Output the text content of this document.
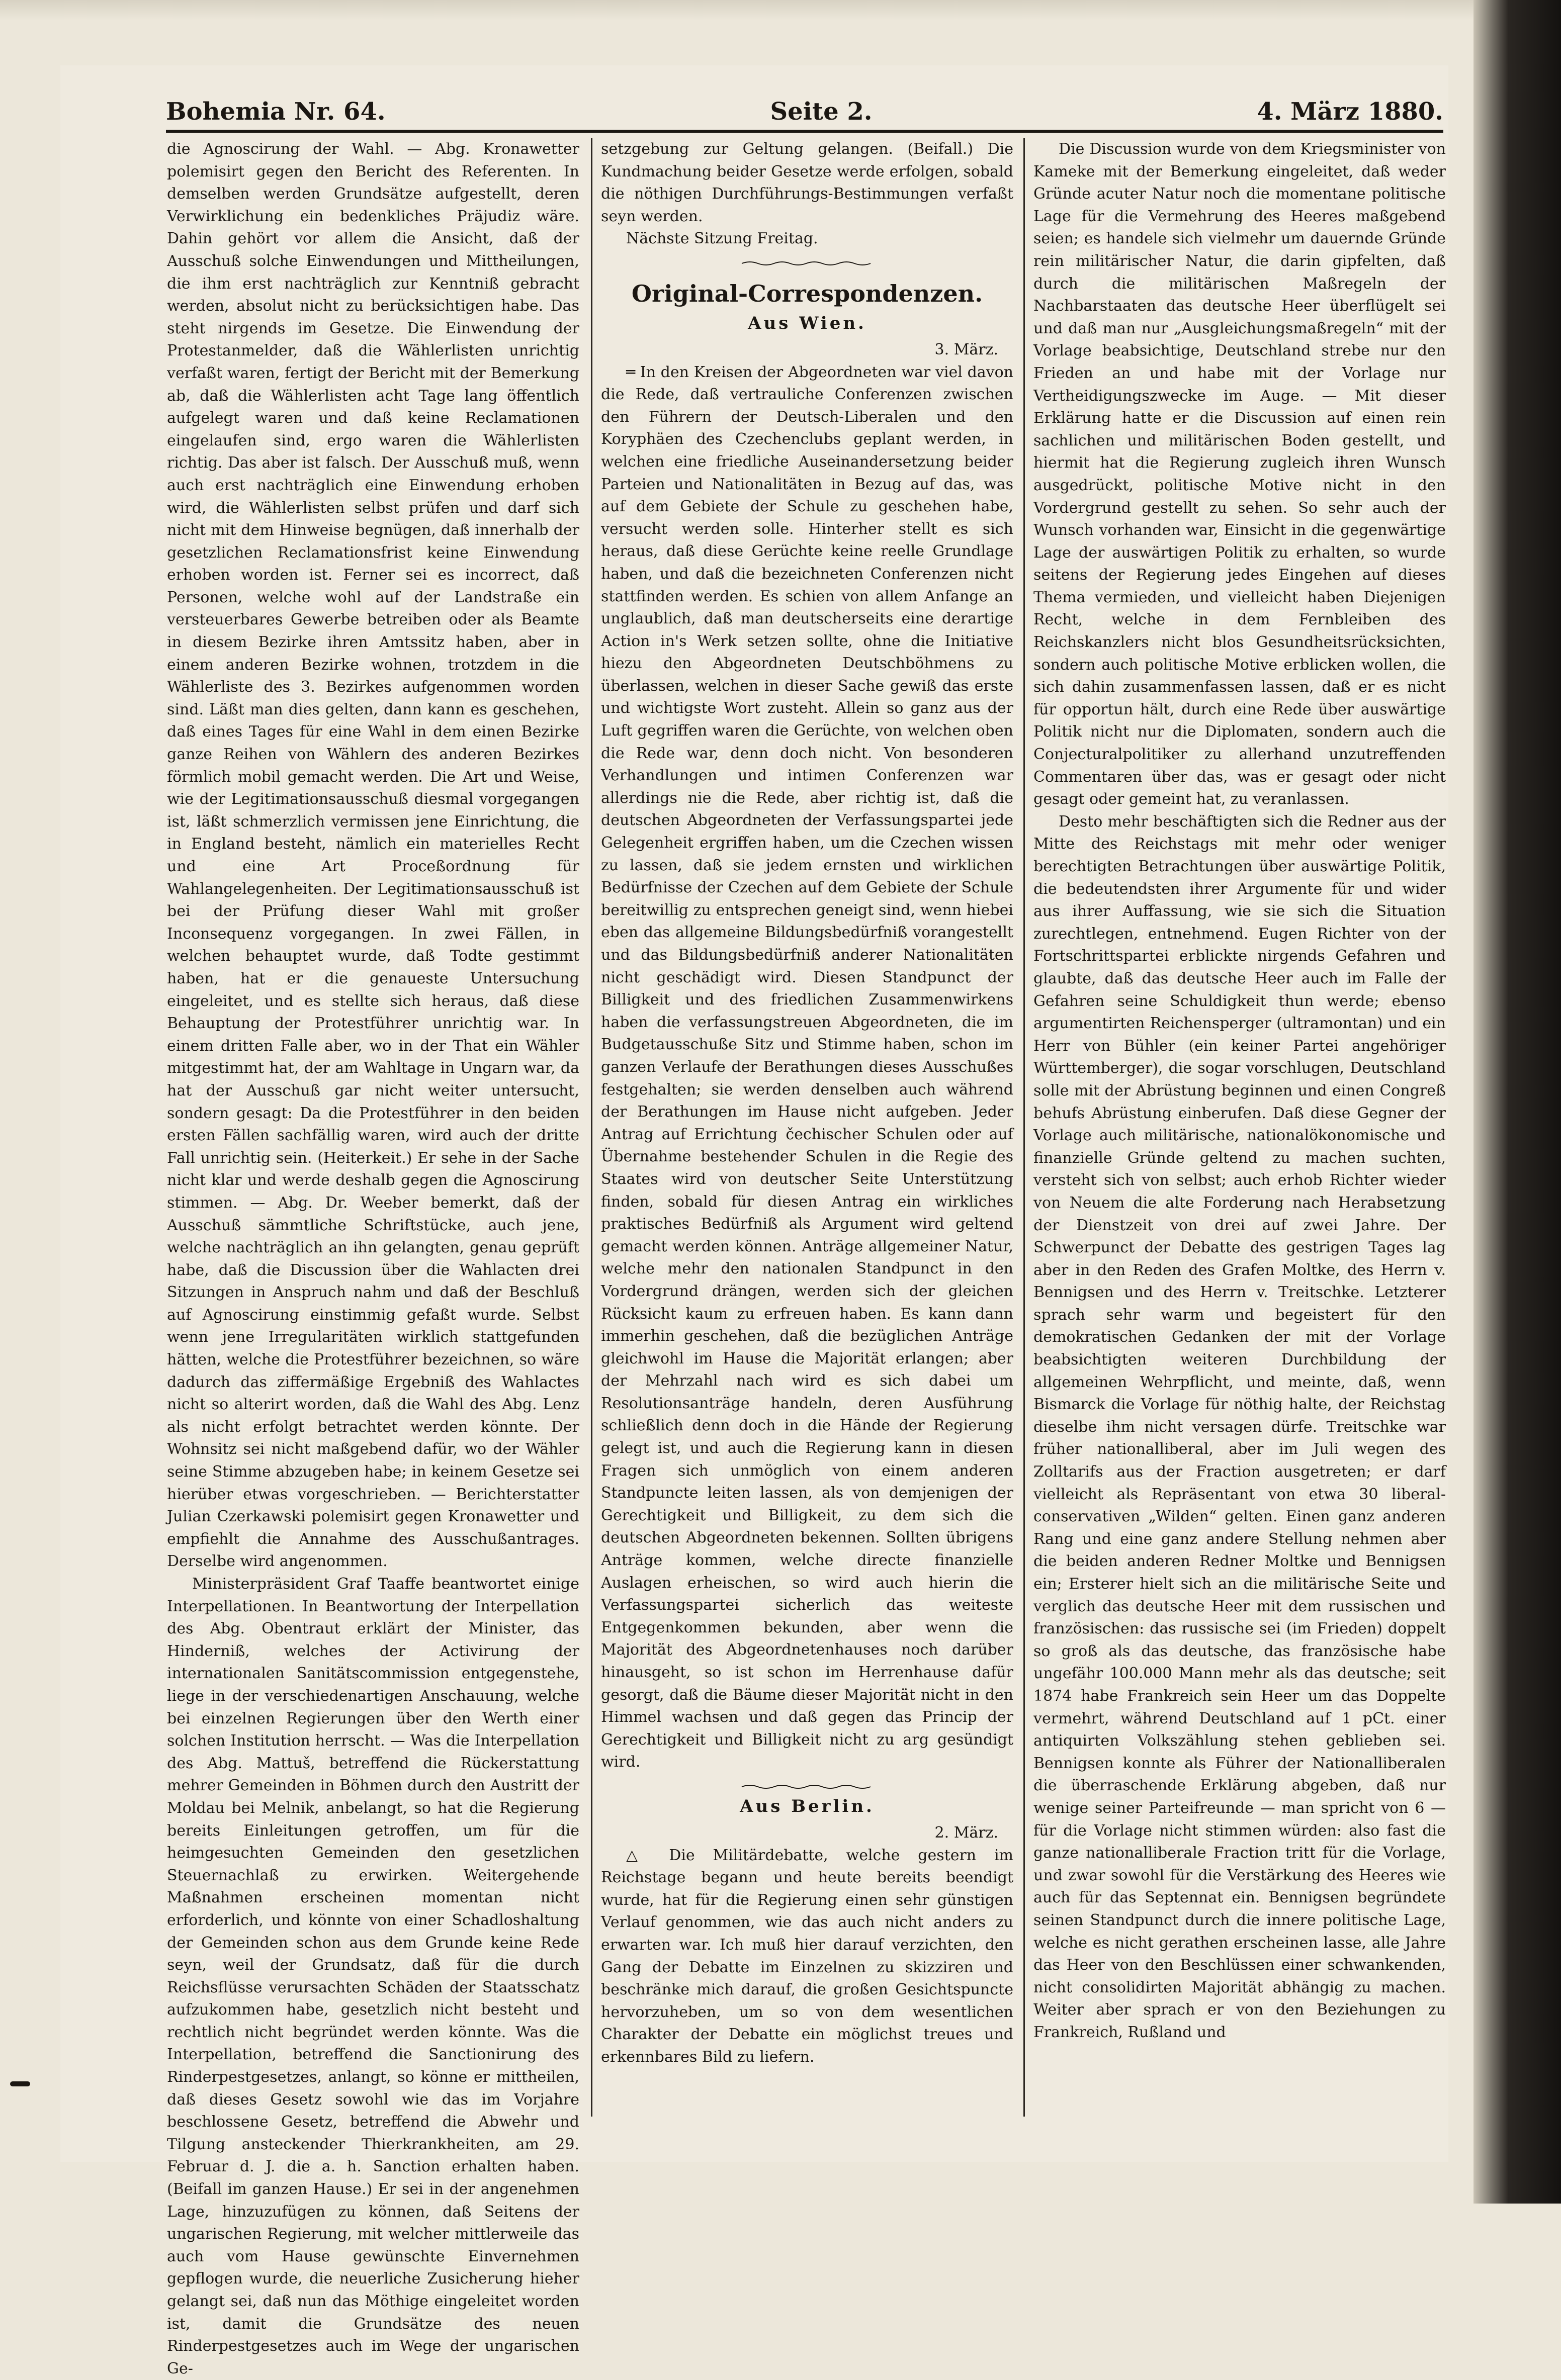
Bohemia Nr. 64.	Seite 2.	4. März 1880.

die Agnoscirung der Wahl. — Abg. Kronawetter polemisirt gegen den Bericht des Referenten. In demselben werden Grundsätze aufgestellt, deren Verwirklichung ein bedenkliches Präjudiz wäre. Dahin gehört vor allem die Ansicht, daß der Ausschuß solche Einwendungen und Mittheilungen, die ihm erst nachträglich zur Kenntniß gebracht werden, absolut nicht zu berücksichtigen habe. Das steht nirgends im Gesetze. Die Einwendung der Protestanmelder, daß die Wählerlisten unrichtig verfaßt waren, fertigt der Bericht mit der Bemerkung ab, daß die Wählerlisten acht Tage lang öffentlich aufgelegt waren und daß keine Reclamationen eingelaufen sind, ergo waren die Wählerlisten richtig. Das aber ist falsch. Der Ausschuß muß, wenn auch erst nachträglich eine Einwendung erhoben wird, die Wählerlisten selbst prüfen und darf sich nicht mit dem Hinweise begnügen, daß innerhalb der gesetzlichen Reclamationsfrist keine Einwendung erhoben worden ist. Ferner sei es incorrect, daß Personen, welche wohl auf der Landstraße ein versteuerbares Gewerbe betreiben oder als Beamte in diesem Bezirke ihren Amtssitz haben, aber in einem anderen Bezirke wohnen, trotzdem in die Wählerliste des 3. Bezirkes aufgenommen worden sind. Läßt man dies gelten, dann kann es geschehen, daß eines Tages für eine Wahl in dem einen Bezirke ganze Reihen von Wählern des anderen Bezirkes förmlich mobil gemacht werden. Die Art und Weise, wie der Legitimationsausschuß diesmal vorgegangen ist, läßt schmerzlich vermissen jene Einrichtung, die in England besteht, nämlich ein materielles Recht und eine Art Proceßordnung für Wahlangelegenheiten. Der Legitimationsausschuß ist bei der Prüfung dieser Wahl mit großer Inconsequenz vorgegangen. In zwei Fällen, in welchen behauptet wurde, daß Todte gestimmt haben, hat er die genaueste Untersuchung eingeleitet, und es stellte sich heraus, daß diese Behauptung der Protestführer unrichtig war. In einem dritten Falle aber, wo in der That ein Wähler mitgestimmt hat, der am Wahltage in Ungarn war, da hat der Ausschuß gar nicht weiter untersucht, sondern gesagt: Da die Protestführer in den beiden ersten Fällen sachfällig waren, wird auch der dritte Fall unrichtig sein. (Heiterkeit.) Er sehe in der Sache nicht klar und werde deshalb gegen die Agnoscirung stimmen. — Abg. Dr. Weeber bemerkt, daß der Ausschuß sämmtliche Schriftstücke, auch jene, welche nachträglich an ihn gelangten, genau geprüft habe, daß die Discussion über die Wahlacten drei Sitzungen in Anspruch nahm und daß der Beschluß auf Agnoscirung einstimmig gefaßt wurde. Selbst wenn jene Irregularitäten wirklich stattgefunden hätten, welche die Protestführer bezeichnen, so wäre dadurch das ziffermäßige Ergebniß des Wahlactes nicht so alterirt worden, daß die Wahl des Abg. Lenz als nicht erfolgt betrachtet werden könnte. Der Wohnsitz sei nicht maßgebend dafür, wo der Wähler seine Stimme abzugeben habe; in keinem Gesetze sei hierüber etwas vorgeschrieben. — Berichterstatter Julian Czerkawski polemisirt gegen Kronawetter und empfiehlt die Annahme des Ausschußantrages. Derselbe wird angenommen.

Ministerpräsident Graf Taaffe beantwortet einige Interpellationen. In Beantwortung der Interpellation des Abg. Obentraut erklärt der Minister, das Hinderniß, welches der Activirung der internationalen Sanitätscommission entgegenstehe, liege in der verschiedenartigen Anschauung, welche bei einzelnen Regierungen über den Werth einer solchen Institution herrscht. — Was die Interpellation des Abg. Mattuš, betreffend die Rückerstattung mehrer Gemeinden in Böhmen durch den Austritt der Moldau bei Melnik, anbelangt, so hat die Regierung bereits Einleitungen getroffen, um für die heimgesuchten Gemeinden den gesetzlichen Steuernachlaß zu erwirken. Weitergehende Maßnahmen erscheinen momentan nicht erforderlich, und könnte von einer Schadloshaltung der Gemeinden schon aus dem Grunde keine Rede seyn, weil der Grundsatz, daß für die durch Reichsflüsse verursachten Schäden der Staatsschatz aufzukommen habe, gesetzlich nicht besteht und rechtlich nicht begründet werden könnte. Was die Interpellation, betreffend die Sanctionirung des Rinderpestgesetzes, anlangt, so könne er mittheilen, daß dieses Gesetz sowohl wie das im Vorjahre beschlossene Gesetz, betreffend die Abwehr und Tilgung ansteckender Thierkrankheiten, am 29. Februar d. J. die a. h. Sanction erhalten haben. (Beifall im ganzen Hause.) Er sei in der angenehmen Lage, hinzuzufügen zu können, daß Seitens der ungarischen Regierung, mit welcher mittlerweile das auch vom Hause gewünschte Einvernehmen gepflogen wurde, die neuerliche Zusicherung hieher gelangt sei, daß nun das Möthige eingeleitet worden ist, damit die Grundsätze des neuen Rinderpestgesetzes auch im Wege der ungarischen Ge-

setzgebung zur Geltung gelangen. (Beifall.) Die Kundmachung beider Gesetze werde erfolgen, sobald die nöthigen Durchführungs-Bestimmungen verfaßt seyn werden.

Nächste Sitzung Freitag.

Original-Correspondenzen.
Aus Wien.

3. März.

═ In den Kreisen der Abgeordneten war viel davon die Rede, daß vertrauliche Conferenzen zwischen den Führern der Deutsch-Liberalen und den Koryphäen des Czechenclubs geplant werden, in welchen eine friedliche Auseinandersetzung beider Parteien und Nationalitäten in Bezug auf das, was auf dem Gebiete der Schule zu geschehen habe, versucht werden solle. Hinterher stellt es sich heraus, daß diese Gerüchte keine reelle Grundlage haben, und daß die bezeichneten Conferenzen nicht stattfinden werden. Es schien von allem Anfange an unglaublich, daß man deutscherseits eine derartige Action in's Werk setzen sollte, ohne die Initiative hiezu den Abgeordneten Deutschböhmens zu überlassen, welchen in dieser Sache gewiß das erste und wichtigste Wort zusteht. Allein so ganz aus der Luft gegriffen waren die Gerüchte, von welchen oben die Rede war, denn doch nicht. Von besonderen Verhandlungen und intimen Conferenzen war allerdings nie die Rede, aber richtig ist, daß die deutschen Abgeordneten der Verfassungspartei jede Gelegenheit ergriffen haben, um die Czechen wissen zu lassen, daß sie jedem ernsten und wirklichen Bedürfnisse der Czechen auf dem Gebiete der Schule bereitwillig zu entsprechen geneigt sind, wenn hiebei eben das allgemeine Bildungsbedürfniß vorangestellt und das Bildungsbedürfniß anderer Nationalitäten nicht geschädigt wird. Diesen Standpunct der Billigkeit und des friedlichen Zusammenwirkens haben die verfassungstreuen Abgeordneten, die im Budgetausschuße Sitz und Stimme haben, schon im ganzen Verlaufe der Berathungen dieses Ausschußes festgehalten; sie werden denselben auch während der Berathungen im Hause nicht aufgeben. Jeder Antrag auf Errichtung čechischer Schulen oder auf Übernahme bestehender Schulen in die Regie des Staates wird von deutscher Seite Unterstützung finden, sobald für diesen Antrag ein wirkliches praktisches Bedürfniß als Argument wird geltend gemacht werden können. Anträge allgemeiner Natur, welche mehr den nationalen Standpunct in den Vordergrund drängen, werden sich der gleichen Rücksicht kaum zu erfreuen haben. Es kann dann immerhin geschehen, daß die bezüglichen Anträge gleichwohl im Hause die Majorität erlangen; aber der Mehrzahl nach wird es sich dabei um Resolutionsanträge handeln, deren Ausführung schließlich denn doch in die Hände der Regierung gelegt ist, und auch die Regierung kann in diesen Fragen sich unmöglich von einem anderen Standpuncte leiten lassen, als von demjenigen der Gerechtigkeit und Billigkeit, zu dem sich die deutschen Abgeordneten bekennen. Sollten übrigens Anträge kommen, welche directe finanzielle Auslagen erheischen, so wird auch hierin die Verfassungspartei sicherlich das weiteste Entgegenkommen bekunden, aber wenn die Majorität des Abgeordnetenhauses noch darüber hinausgeht, so ist schon im Herrenhause dafür gesorgt, daß die Bäume dieser Majorität nicht in den Himmel wachsen und daß gegen das Princip der Gerechtigkeit und Billigkeit nicht zu arg gesündigt wird.

Aus Berlin.

2. März.

△ Die Militärdebatte, welche gestern im Reichstage begann und heute bereits beendigt wurde, hat für die Regierung einen sehr günstigen Verlauf genommen, wie das auch nicht anders zu erwarten war. Ich muß hier darauf verzichten, den Gang der Debatte im Einzelnen zu skizziren und beschränke mich darauf, die großen Gesichtspuncte hervorzuheben, um so von dem wesentlichen Charakter der Debatte ein möglichst treues und erkennbares Bild zu liefern.

Die Discussion wurde von dem Kriegsminister von Kameke mit der Bemerkung eingeleitet, daß weder Gründe acuter Natur noch die momentane politische Lage für die Vermehrung des Heeres maßgebend seien; es handele sich vielmehr um dauernde Gründe rein militärischer Natur, die darin gipfelten, daß durch die militärischen Maßregeln der Nachbarstaaten das deutsche Heer überflügelt sei und daß man nur „Ausgleichungsmaßregeln“ mit der Vorlage beabsichtige, Deutschland strebe nur den Frieden an und habe mit der Vorlage nur Vertheidigungszwecke im Auge. — Mit dieser Erklärung hatte er die Discussion auf einen rein sachlichen und militärischen Boden gestellt, und hiermit hat die Regierung zugleich ihren Wunsch ausgedrückt, politische Motive nicht in den Vordergrund gestellt zu sehen. So sehr auch der Wunsch vorhanden war, Einsicht in die gegenwärtige Lage der auswärtigen Politik zu erhalten, so wurde seitens der Regierung jedes Eingehen auf dieses Thema vermieden, und vielleicht haben Diejenigen Recht, welche in dem Fernbleiben des Reichskanzlers nicht blos Gesundheitsrücksichten, sondern auch politische Motive erblicken wollen, die sich dahin zusammenfassen lassen, daß er es nicht für opportun hält, durch eine Rede über auswärtige Politik nicht nur die Diplomaten, sondern auch die Conjecturalpolitiker zu allerhand unzutreffenden Commentaren über das, was er gesagt oder nicht gesagt oder gemeint hat, zu veranlassen.

Desto mehr beschäftigten sich die Redner aus der Mitte des Reichstags mit mehr oder weniger berechtigten Betrachtungen über auswärtige Politik, die bedeutendsten ihrer Argumente für und wider aus ihrer Auffassung, wie sie sich die Situation zurechtlegen, entnehmend. Eugen Richter von der Fortschrittspartei erblickte nirgends Gefahren und glaubte, daß das deutsche Heer auch im Falle der Gefahren seine Schuldigkeit thun werde; ebenso argumentirten Reichensperger (ultramontan) und ein Herr von Bühler (ein keiner Partei angehöriger Württemberger), die sogar vorschlugen, Deutschland solle mit der Abrüstung beginnen und einen Congreß behufs Abrüstung einberufen. Daß diese Gegner der Vorlage auch militärische, nationalökonomische und finanzielle Gründe geltend zu machen suchten, versteht sich von selbst; auch erhob Richter wieder von Neuem die alte Forderung nach Herabsetzung der Dienstzeit von drei auf zwei Jahre. Der Schwerpunct der Debatte des gestrigen Tages lag aber in den Reden des Grafen Moltke, des Herrn v. Bennigsen und des Herrn v. Treitschke. Letzterer sprach sehr warm und begeistert für den demokratischen Gedanken der mit der Vorlage beabsichtigten weiteren Durchbildung der allgemeinen Wehrpflicht, und meinte, daß, wenn Bismarck die Vorlage für nöthig halte, der Reichstag dieselbe ihm nicht versagen dürfe. Treitschke war früher nationalliberal, aber im Juli wegen des Zolltarifs aus der Fraction ausgetreten; er darf vielleicht als Repräsentant von etwa 30 liberal-conservativen „Wilden“ gelten. Einen ganz anderen Rang und eine ganz andere Stellung nehmen aber die beiden anderen Redner Moltke und Bennigsen ein; Ersterer hielt sich an die militärische Seite und verglich das deutsche Heer mit dem russischen und französischen: das russische sei (im Frieden) doppelt so groß als das deutsche, das französische habe ungefähr 100.000 Mann mehr als das deutsche; seit 1874 habe Frankreich sein Heer um das Doppelte vermehrt, während Deutschland auf 1 pCt. einer antiquirten Volkszählung stehen geblieben sei. Bennigsen konnte als Führer der Nationalliberalen die überraschende Erklärung abgeben, daß nur wenige seiner Parteifreunde — man spricht von 6 — für die Vorlage nicht stimmen würden: also fast die ganze nationalliberale Fraction tritt für die Vorlage, und zwar sowohl für die Verstärkung des Heeres wie auch für das Septennat ein. Bennigsen begründete seinen Standpunct durch die innere politische Lage, welche es nicht gerathen erscheinen lasse, alle Jahre das Heer von den Beschlüssen einer schwankenden, nicht consolidirten Majorität abhängig zu machen. Weiter aber sprach er von den Beziehungen zu Frankreich, Rußland und
